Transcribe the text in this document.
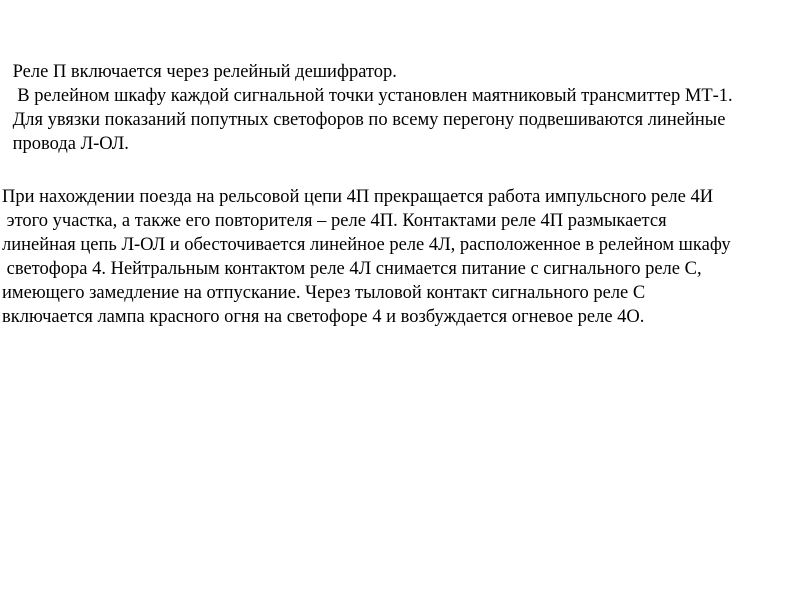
Реле П включается через релейный дешифратор.
В релейном шкафу каждой сигнальной точки установлен маятниковый трансмиттер МТ-1.
Для увязки показаний попутных светофоров по всему перегону подвешиваются линейные
провода Л-ОЛ.
При нахождении поезда на рельсовой цепи 4П прекращается работа импульсного реле 4И
этого участка, а также его повторителя – реле 4П. Контактами реле 4П размыкается
линейная цепь Л-ОЛ и обесточивается линейное реле 4Л, расположенное в релейном шкафу
светофора 4. Нейтральным контактом реле 4Л снимается питание с сигнального реле С,
имеющего замедление на отпускание. Через тыловой контакт сигнального реле С
включается лампа красного огня на светофоре 4 и возбуждается огневое реле 4О.
